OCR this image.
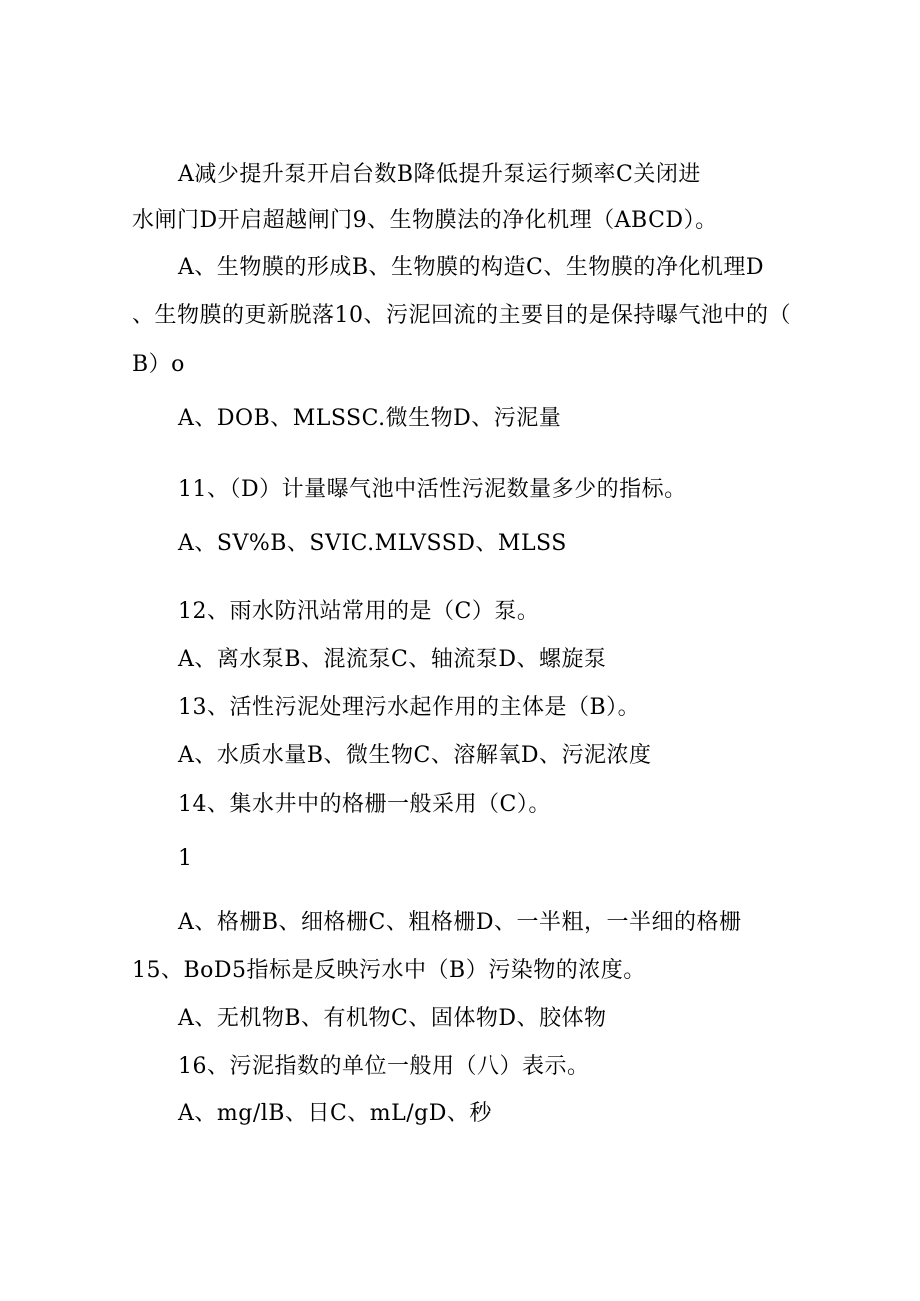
A减少提升泵开启台数B降低提升泵运行频率C关闭进
水闸门D开启超越闸门9、生物膜法的净化机理（ABCD）。
A、生物膜的形成B、生物膜的构造C、生物膜的净化机理D
、生物膜的更新脱落10、污泥回流的主要目的是保持曝气池中的（
B）o
A、DOB、MLSSC.微生物D、污泥量
11、（D）计量曝气池中活性污泥数量多少的指标。
A、SV%B、SVIC.MLVSSD、MLSS
12、雨水防汛站常用的是（C）泵。
A、离水泵B、混流泵C、轴流泵D、螺旋泵
13、活性污泥处理污水起作用的主体是（B）。
A、水质水量B、微生物C、溶解氧D、污泥浓度
14、集水井中的格栅一般采用（C）。
1
A、格栅B、细格栅C、粗格栅D、一半粗，一半细的格栅
15、BoD5指标是反映污水中（B）污染物的浓度。
A、无机物B、有机物C、固体物D、胶体物
16、污泥指数的单位一般用（八）表示。
A、mg/lB、日C、mL/gD、秒
